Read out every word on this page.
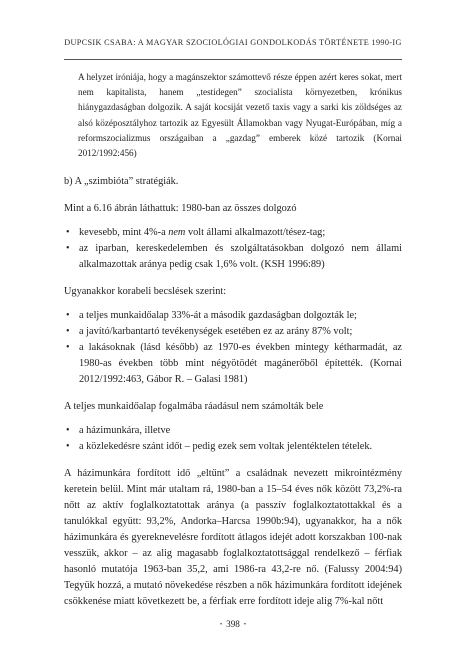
DUPCSIK CSABA: A MAGYAR SZOCIOLÓGIAI GONDOLKODÁS TÖRTÉNETE 1990-IG

A helyzet iróniája, hogy a magánszektor számottevő része éppen azért keres sokat, mert nem kapitalista, hanem „testidegen” szocialista környezetben, krónikus hiánygazdaságban dolgozik. A saját kocsiját vezető taxis vagy a sarki kis zöldséges az alsó középosztályhoz tartozik az Egyesült Államokban vagy Nyugat-Európában, míg a reformszocializmus országaiban a „gazdag” emberek közé tartozik (Kornai 2012/1992:456)

b) A „szimbióta” stratégiák.

Mint a 6.16 ábrán láthattuk: 1980-ban az összes dolgozó

• kevesebb, mint 4%-a nem volt állami alkalmazott/tésez-tag;
• az iparban, kereskedelemben és szolgáltatásokban dolgozó nem állami alkalmazottak aránya pedig csak 1,6% volt. (KSH 1996:89)

Ugyanakkor korabeli becslések szerint:

• a teljes munkaidőalap 33%-át a második gazdaságban dolgozták le;
• a javító/karbantartó tevékenységek esetében ez az arány 87% volt;
• a lakásoknak (lásd később) az 1970-es években mintegy kétharmadát, az 1980-as években több mint négyötödét magánerőből építették. (Kornai 2012/1992:463, Gábor R. – Galasi 1981)

A teljes munkaidőalap fogalmába ráadásul nem számolták bele

• a házimunkára, illetve
• a közlekedésre szánt időt – pedig ezek sem voltak jelentéktelen tételek.

A házimunkára fordított idő „eltűnt” a családnak nevezett mikrointézmény keretein belül. Mint már utaltam rá, 1980-ban a 15–54 éves nők között 73,2%-ra nőtt az aktív foglalkoztatottak aránya (a passzív foglalkoztatottakkal és a tanulókkal együtt: 93,2%, Andorka–Harcsa 1990b:94), ugyanakkor, ha a nők házimunkára és gyereknevelésre fordított átlagos idejét adott korszakban 100-nak vesszük, akkor – az alig magasabb foglalkoztatottsággal rendelkező – férfiak hasonló mutatója 1963-ban 35,2, ami 1986-ra 43,2-re nő. (Falussy 2004:94) Tegyük hozzá, a mutató növekedése részben a nők házimunkára fordított idejének csökkenése miatt következett be, a férfiak erre fordított ideje alig 7%-kal nőtt

• 398 •
